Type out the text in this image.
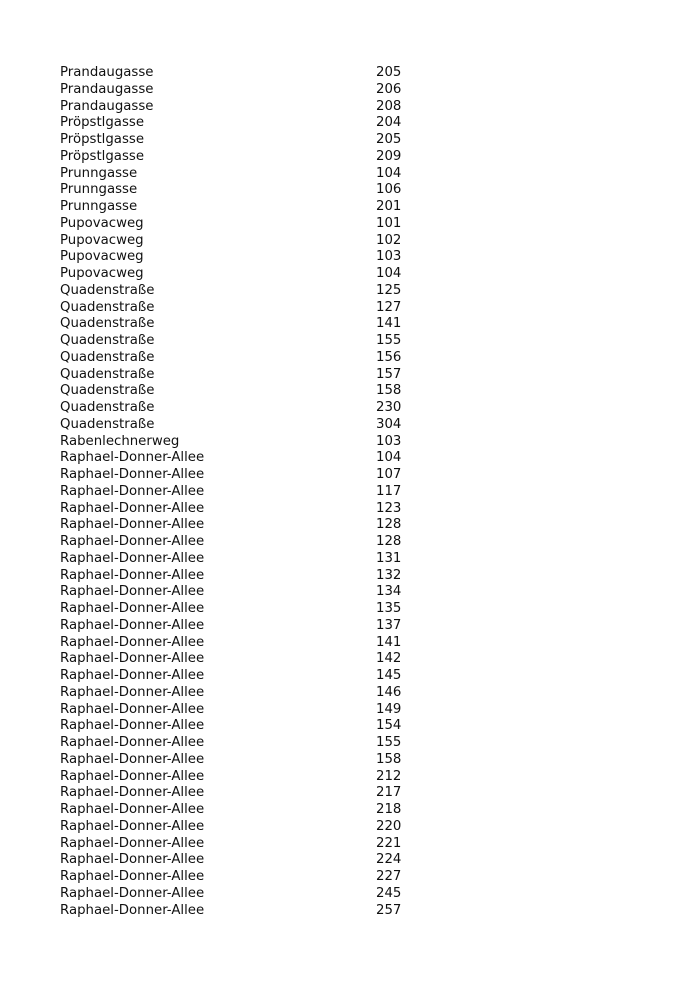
Prandaugasse	205
Prandaugasse	206
Prandaugasse	208
Pröpstlgasse	204
Pröpstlgasse	205
Pröpstlgasse	209
Prunngasse	104
Prunngasse	106
Prunngasse	201
Pupovacweg	101
Pupovacweg	102
Pupovacweg	103
Pupovacweg	104
Quadenstraße	125
Quadenstraße	127
Quadenstraße	141
Quadenstraße	155
Quadenstraße	156
Quadenstraße	157
Quadenstraße	158
Quadenstraße	230
Quadenstraße	304
Rabenlechnerweg	103
Raphael-Donner-Allee	104
Raphael-Donner-Allee	107
Raphael-Donner-Allee	117
Raphael-Donner-Allee	123
Raphael-Donner-Allee	128
Raphael-Donner-Allee	128
Raphael-Donner-Allee	131
Raphael-Donner-Allee	132
Raphael-Donner-Allee	134
Raphael-Donner-Allee	135
Raphael-Donner-Allee	137
Raphael-Donner-Allee	141
Raphael-Donner-Allee	142
Raphael-Donner-Allee	145
Raphael-Donner-Allee	146
Raphael-Donner-Allee	149
Raphael-Donner-Allee	154
Raphael-Donner-Allee	155
Raphael-Donner-Allee	158
Raphael-Donner-Allee	212
Raphael-Donner-Allee	217
Raphael-Donner-Allee	218
Raphael-Donner-Allee	220
Raphael-Donner-Allee	221
Raphael-Donner-Allee	224
Raphael-Donner-Allee	227
Raphael-Donner-Allee	245
Raphael-Donner-Allee	257
